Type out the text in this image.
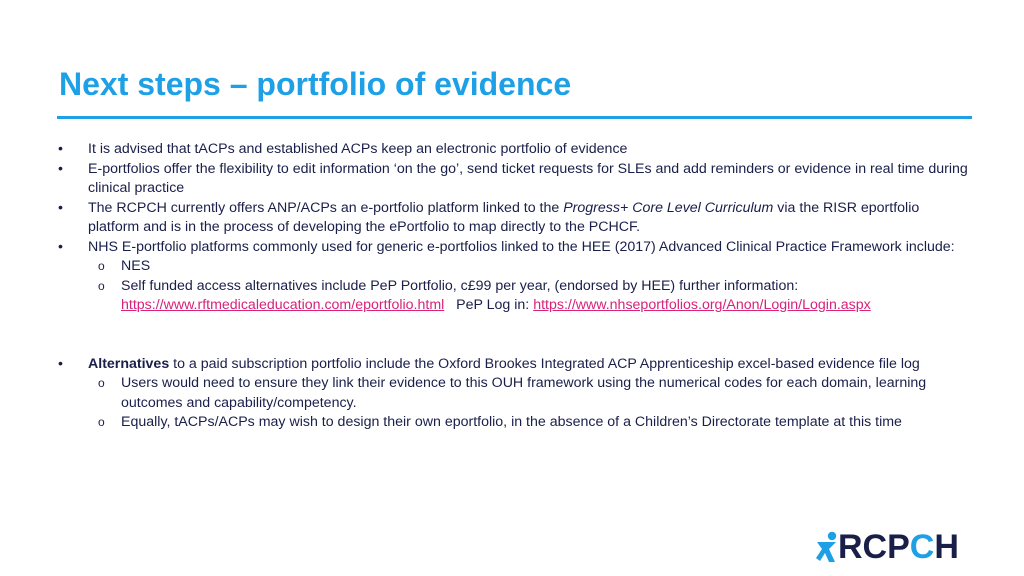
Next steps – portfolio of evidence
•	It is advised that tACPs and established ACPs keep an electronic portfolio of evidence
•	E-portfolios offer the flexibility to edit information ‘on the go’, send ticket requests for SLEs and add reminders or evidence in real time during clinical practice
•	The RCPCH currently offers ANP/ACPs an e-portfolio platform linked to the Progress+ Core Level Curriculum via the RISR eportfolio platform and is in the process of developing the ePortfolio to map directly to the PCHCF.
•	NHS E-portfolio platforms commonly used for generic e-portfolios linked to the HEE (2017) Advanced Clinical Practice Framework include:
o NES
o Self funded access alternatives include PeP Portfolio, c£99 per year, (endorsed by HEE) further information: https://www.rftmedicaleducation.com/eportfolio.html   PeP Log in: https://www.nhseportfolios.org/Anon/Login/Login.aspx
•	Alternatives to a paid subscription portfolio include the Oxford Brookes Integrated ACP Apprenticeship excel-based evidence file log
o Users would need to ensure they link their evidence to this OUH framework using the numerical codes for each domain, learning outcomes and capability/competency.
o Equally, tACPs/ACPs may wish to design their own eportfolio, in the absence of a Children’s Directorate template at this time
RCPCH
